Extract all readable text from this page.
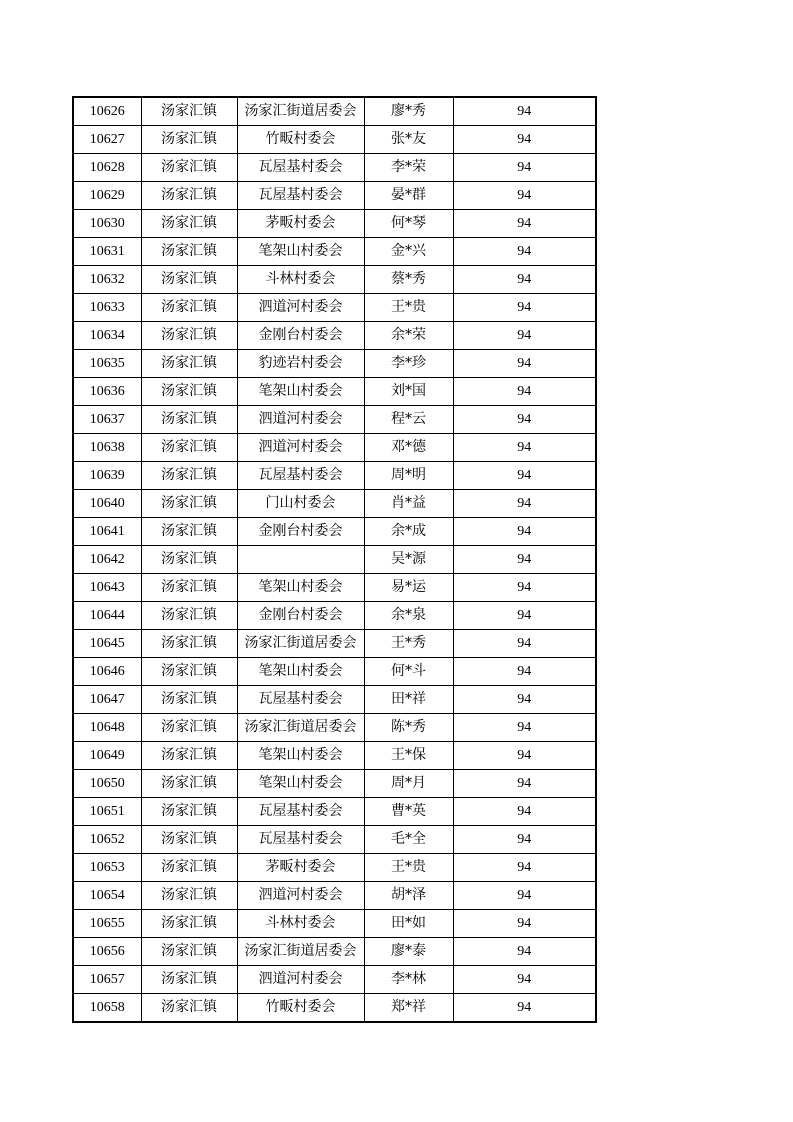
10626	汤家汇镇	汤家汇街道居委会	廖*秀	94
10627	汤家汇镇	竹畈村委会	张*友	94
10628	汤家汇镇	瓦屋基村委会	李*荣	94
10629	汤家汇镇	瓦屋基村委会	晏*群	94
10630	汤家汇镇	茅畈村委会	何*琴	94
10631	汤家汇镇	笔架山村委会	金*兴	94
10632	汤家汇镇	斗林村委会	蔡*秀	94
10633	汤家汇镇	泗道河村委会	王*贵	94
10634	汤家汇镇	金刚台村委会	余*荣	94
10635	汤家汇镇	豹迹岩村委会	李*珍	94
10636	汤家汇镇	笔架山村委会	刘*国	94
10637	汤家汇镇	泗道河村委会	程*云	94
10638	汤家汇镇	泗道河村委会	邓*德	94
10639	汤家汇镇	瓦屋基村委会	周*明	94
10640	汤家汇镇	门山村委会	肖*益	94
10641	汤家汇镇	金刚台村委会	余*成	94
10642	汤家汇镇		吴*源	94
10643	汤家汇镇	笔架山村委会	易*运	94
10644	汤家汇镇	金刚台村委会	余*泉	94
10645	汤家汇镇	汤家汇街道居委会	王*秀	94
10646	汤家汇镇	笔架山村委会	何*斗	94
10647	汤家汇镇	瓦屋基村委会	田*祥	94
10648	汤家汇镇	汤家汇街道居委会	陈*秀	94
10649	汤家汇镇	笔架山村委会	王*保	94
10650	汤家汇镇	笔架山村委会	周*月	94
10651	汤家汇镇	瓦屋基村委会	曹*英	94
10652	汤家汇镇	瓦屋基村委会	毛*全	94
10653	汤家汇镇	茅畈村委会	王*贵	94
10654	汤家汇镇	泗道河村委会	胡*泽	94
10655	汤家汇镇	斗林村委会	田*如	94
10656	汤家汇镇	汤家汇街道居委会	廖*泰	94
10657	汤家汇镇	泗道河村委会	李*林	94
10658	汤家汇镇	竹畈村委会	郑*祥	94
